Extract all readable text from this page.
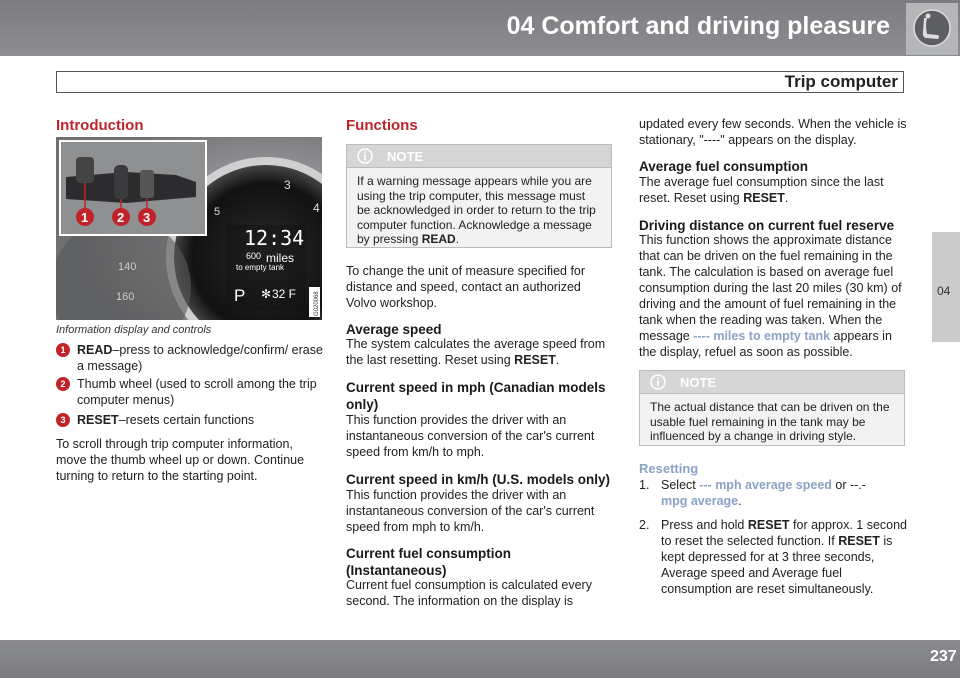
04 Comfort and driving pleasure
Trip computer
04
Introduction
3
4
5
140
160
12:34
600 miles
to empty tank
P ✻ 32 F	G020068
1 2 3
Information display and controls
1 READ–press to acknowledge/confirm/ erase a message)
2 Thumb wheel (used to scroll among the trip computer menus)
3 RESET–resets certain functions
To scroll through trip computer information, move the thumb wheel up or down. Continue turning to return to the starting point.
Functions
NOTE
If a warning message appears while you are using the trip computer, this message must be acknowledged in order to return to the trip computer function. Acknowledge a message by pressing READ.
To change the unit of measure specified for distance and speed, contact an authorized Volvo workshop.
Average speed
The system calculates the average speed from the last resetting. Reset using RESET.
Current speed in mph (Canadian models only)
This function provides the driver with an instantaneous conversion of the car's current speed from km/h to mph.
Current speed in km/h (U.S. models only)
This function provides the driver with an instantaneous conversion of the car's current speed from mph to km/h.
Current fuel consumption (Instantaneous)
Current fuel consumption is calculated every second. The information on the display is
updated every few seconds. When the vehicle is stationary, "----" appears on the display.
Average fuel consumption
The average fuel consumption since the last reset. Reset using RESET.
Driving distance on current fuel reserve
This function shows the approximate distance that can be driven on the fuel remaining in the tank. The calculation is based on average fuel consumption during the last 20 miles (30 km) of driving and the amount of fuel remaining in the tank when the reading was taken. When the message ---- miles to empty tank appears in the display, refuel as soon as possible.
NOTE
The actual distance that can be driven on the usable fuel remaining in the tank may be influenced by a change in driving style.
Resetting
1. Select --- mph average speed or --.-
mpg average.
2. Press and hold RESET for approx. 1 second to reset the selected function. If RESET is kept depressed for at 3 three seconds, Average speed and Average fuel consumption are reset simultaneously.
237
